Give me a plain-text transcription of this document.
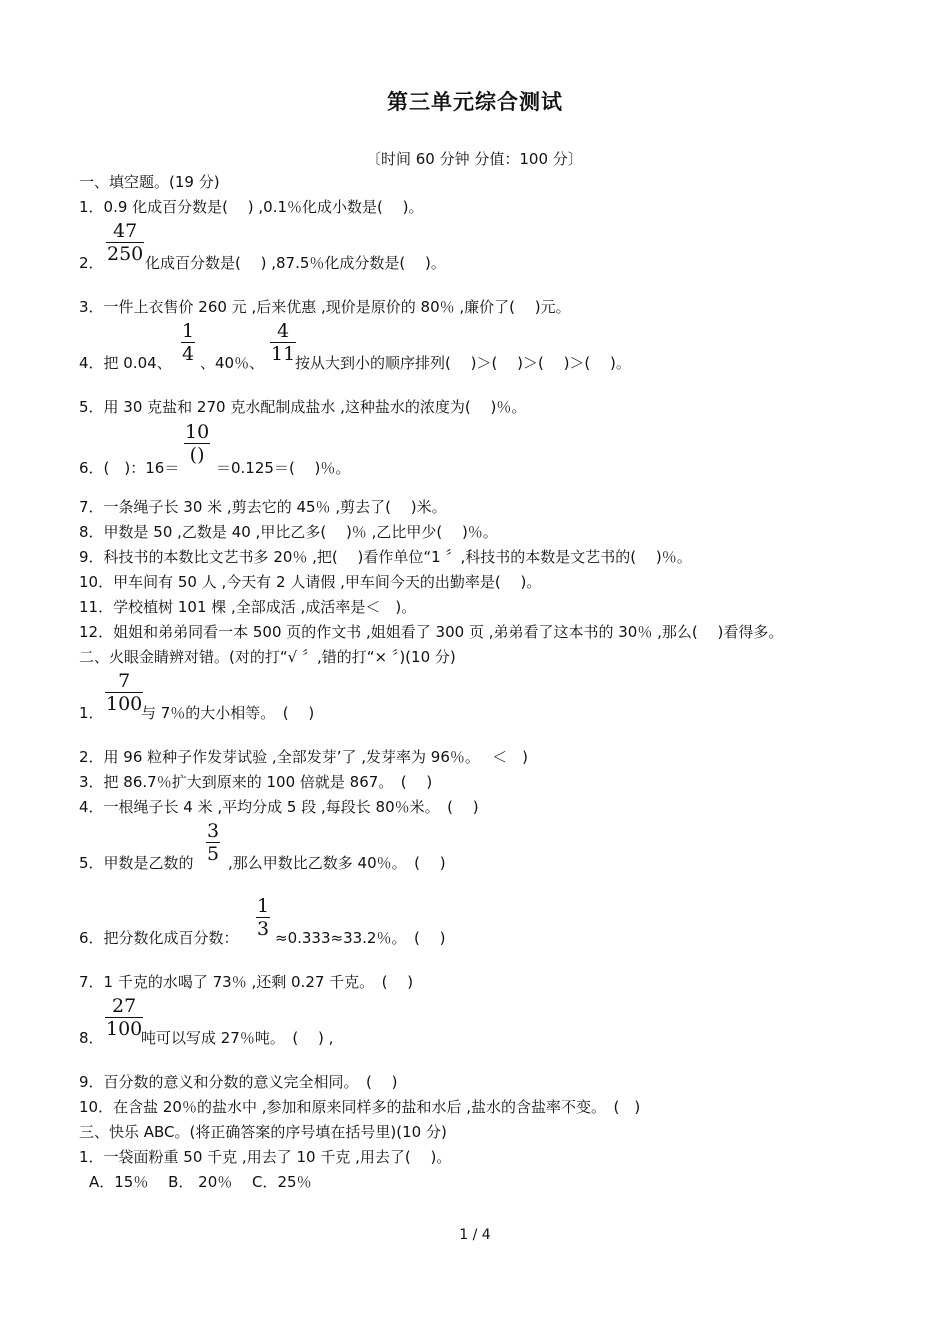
第三单元综合测试
〔时间 60 分钟 分值：100 分〕
一、填空题。(19 分)
1．0.9 化成百分数是(　 ) ,0.1％化成小数是(　 )。
47
250
2．	化成百分数是(　 ) ,87.5％化成分数是(　 )。
3．一件上衣售价 260 元 ,后来优惠 ,现价是原价的 80％ ,廉价了(　 )元。
4．把 0.04、
1
4 、40％、
4
11 按从大到小的顺序排列(　 )＞(　 )＞(　 )＞(　 )。
5．用 30 克盐和 270 克水配制成盐水 ,这种盐水的浓度为(　 )％。
6．(　)：16＝
10
()
＝0.125＝(　 )％。
7．一条绳子长 30 米 ,剪去它的 45％ ,剪去了(　 )米。
8．甲数是 50 ,乙数是 40 ,甲比乙多(　 )％ ,乙比甲少(　 )％。
9．科技书的本数比文艺书多 20％ ,把(　 )看作单位“1 〞,科技书的本数是文艺书的(　 )％。
10．甲车间有 50 人 ,今天有 2 人请假 ,甲车间今天的出勤率是(　 )。
11．学校植树 101 棵 ,全部成活 ,成活率是＜　)。
12．姐姐和弟弟同看一本 500 页的作文书 ,姐姐看了 300 页 ,弟弟看了这本书的 30％ ,那么(　 )看得多。
二、火眼金睛辨对错。(对的打“√ 〞,错的打“× 〞)(10 分)
1．
7
100
与 7％的大小相等。　(　 )
2．用 96 粒种子作发芽试验 ,全部发芽’了 ,发芽率为 96％。　 ＜　)
3．把 86.7％扩大到原来的 100 倍就是 867。　(　 )
4．一根绳子长 4 米 ,平均分成 5 段 ,每段长 80％米。　(　 )
5．甲数是乙数的
3
5 ,那么甲数比乙数多 40％。　(　 )
6．把分数化成百分数：
1
3 ≈0.333≈33.2％。　(　 )
7．1 千克的水喝了 73％ ,还剩 0.27 千克。　(　 )
8．
27
100
吨可以写成 27％吨。　(　 ) ,
9．百分数的意义和分数的意义完全相同。　(　 )
10．在含盐 20％的盐水中 ,参加和原来同样多的盐和水后 ,盐水的含盐率不变。　(　)
三、快乐 ABC。(将正确答案的序号填在括号里)(10 分)
1．一袋面粉重 50 千克 ,用去了 10 千克 ,用去了(　 )。
A．15％　 B． 20％　 C．25％
1 / 4
